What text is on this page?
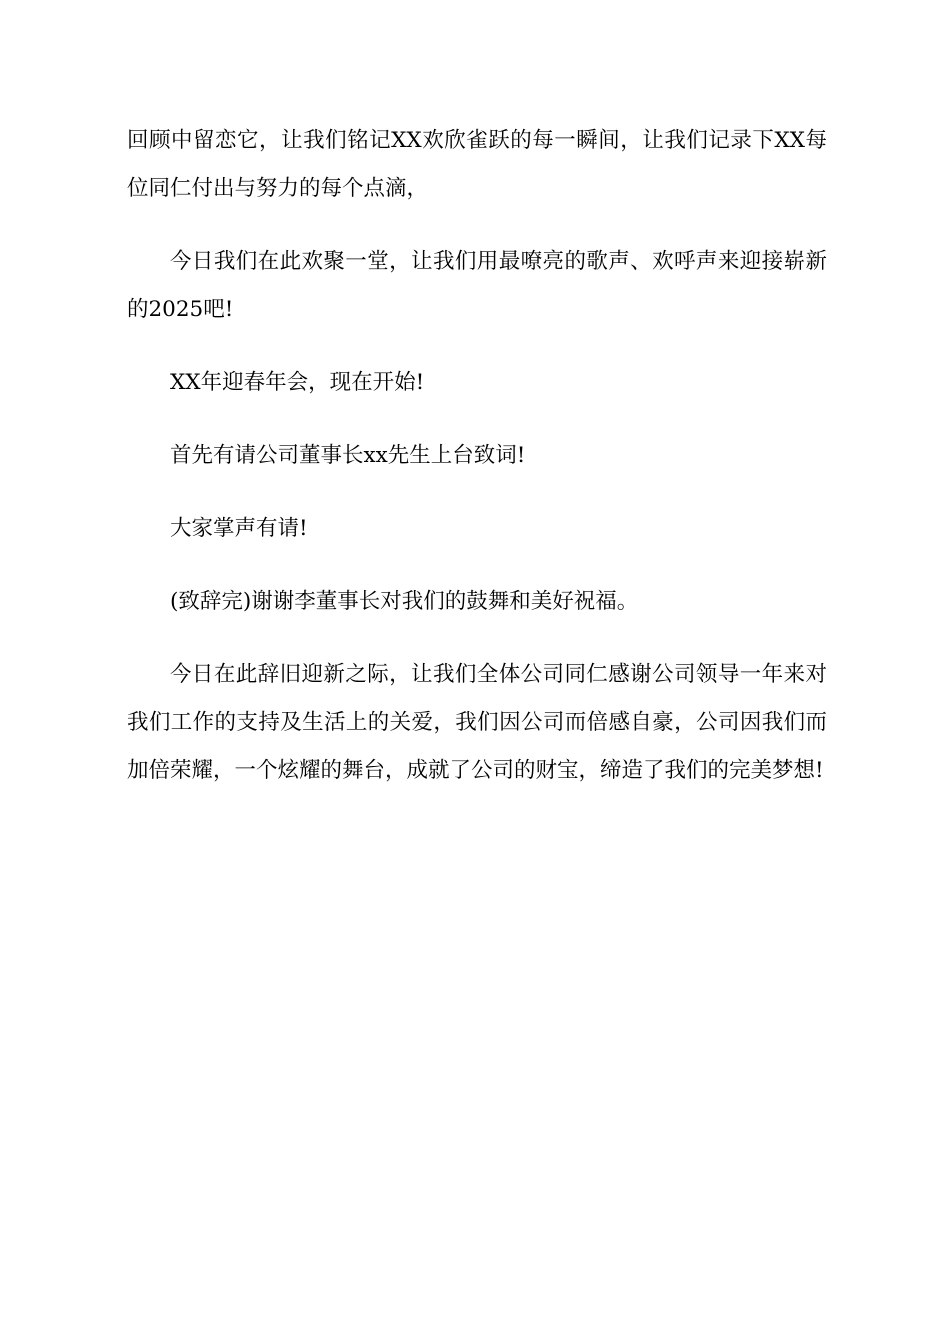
回顾中留恋它，让我们铭记XX欢欣雀跃的每一瞬间，让我们记录下XX每位同仁付出与努力的每个点滴，

今日我们在此欢聚一堂，让我们用最嘹亮的歌声、欢呼声来迎接崭新的2025吧!

XX年迎春年会，现在开始!

首先有请公司董事长xx先生上台致词!

大家掌声有请!

(致辞完)谢谢李董事长对我们的鼓舞和美好祝福。

今日在此辞旧迎新之际，让我们全体公司同仁感谢公司领导一年来对我们工作的支持及生活上的关爱，我们因公司而倍感自豪，公司因我们而加倍荣耀，一个炫耀的舞台，成就了公司的财宝，缔造了我们的完美梦想!
